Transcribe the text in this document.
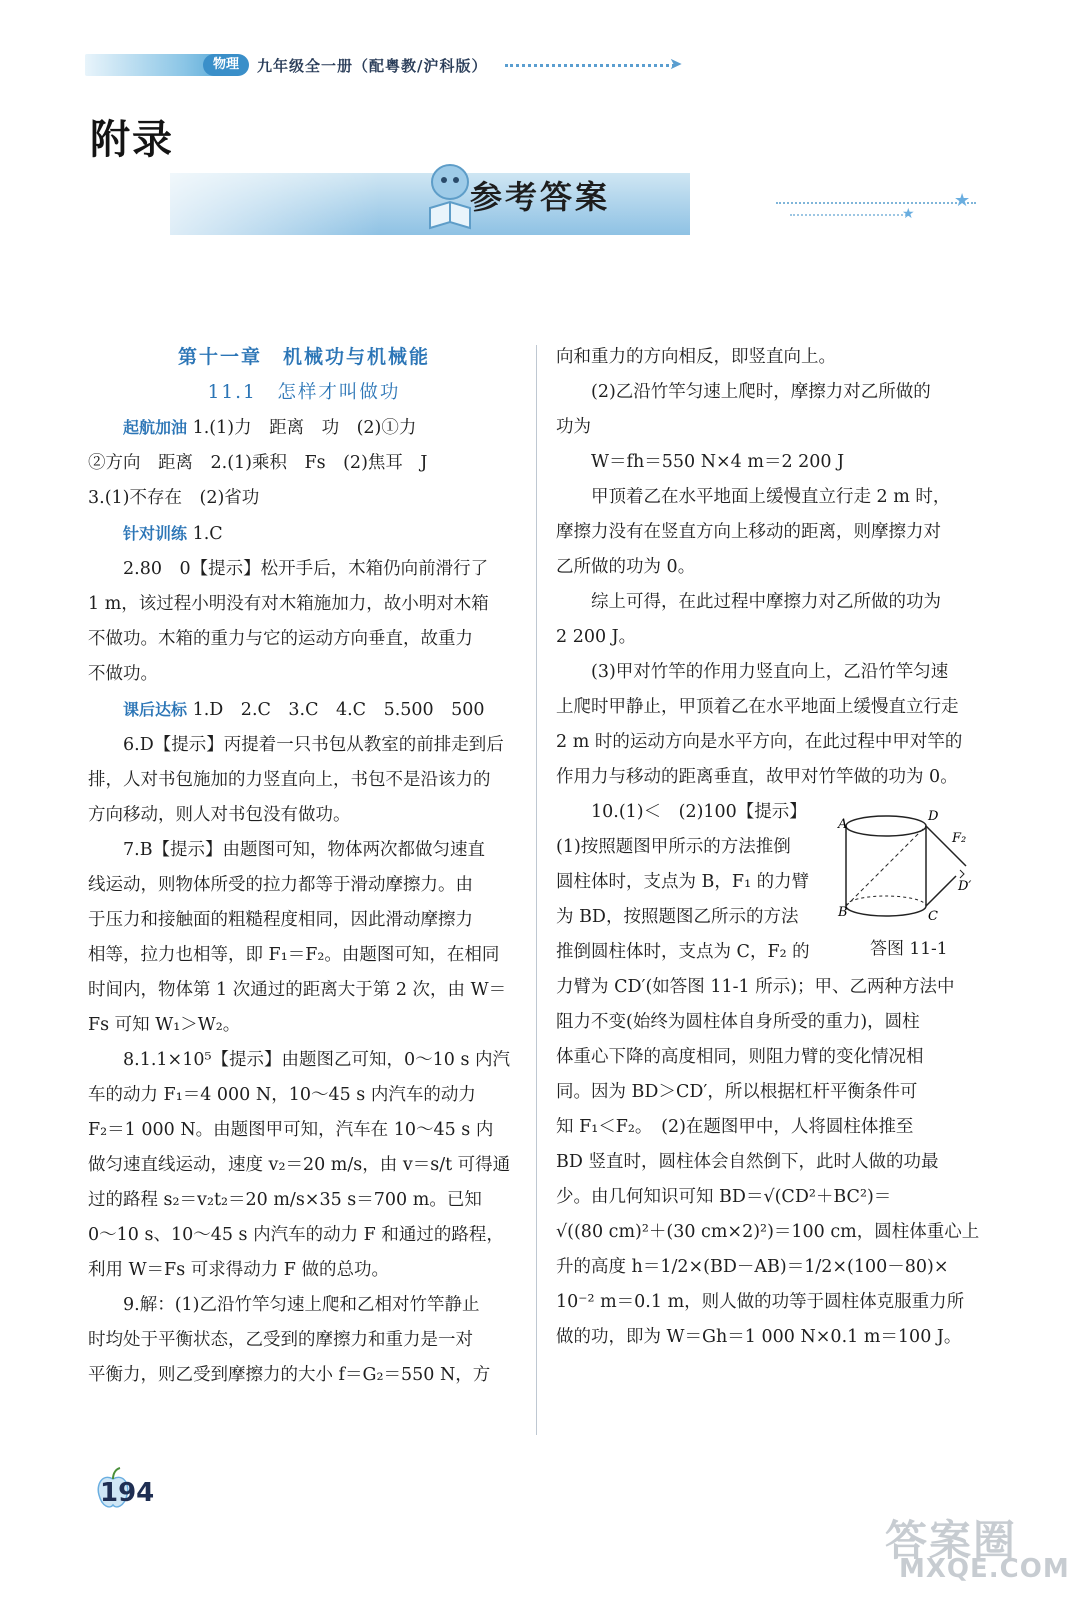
物理	九年级全一册（配粤教/沪科版）	➤
附录
参考答案	★
★

第十一章　机械功与机械能

11.1　怎样才叫做功

起航加油 1.(1)力　距离　功　(2)①力

②方向　距离　2.(1)乘积　Fs　(2)焦耳　J

3.(1)不存在　(2)省功

针对训练 1.C

2.80　0【提示】松开手后，木箱仍向前滑行了

1 m，该过程小明没有对木箱施加力，故小明对木箱

不做功。木箱的重力与它的运动方向垂直，故重力

不做功。

课后达标 1.D　2.C　3.C　4.C　5.500　500

6.D【提示】丙提着一只书包从教室的前排走到后

排，人对书包施加的力竖直向上，书包不是沿该力的

方向移动，则人对书包没有做功。

7.B【提示】由题图可知，物体两次都做匀速直

线运动，则物体所受的拉力都等于滑动摩擦力。由

于压力和接触面的粗糙程度相同，因此滑动摩擦力

相等，拉力也相等，即 F₁＝F₂。由题图可知，在相同

时间内，物体第 1 次通过的距离大于第 2 次，由 W＝

Fs 可知 W₁＞W₂。

8.1.1×10⁵【提示】由题图乙可知，0～10 s 内汽

车的动力 F₁＝4 000 N，10～45 s 内汽车的动力

F₂＝1 000 N。由题图甲可知，汽车在 10～45 s 内

做匀速直线运动，速度 v₂＝20 m/s，由 v＝s/t 可得通

过的路程 s₂＝v₂t₂＝20 m/s×35 s＝700 m。已知

0～10 s、10～45 s 内汽车的动力 F 和通过的路程，

利用 W＝Fs 可求得动力 F 做的总功。

9.解：(1)乙沿竹竿匀速上爬和乙相对竹竿静止

时均处于平衡状态，乙受到的摩擦力和重力是一对

平衡力，则乙受到摩擦力的大小 f＝G₂＝550 N，方

向和重力的方向相反，即竖直向上。

(2)乙沿竹竿匀速上爬时，摩擦力对乙所做的

功为

W＝fh＝550 N×4 m＝2 200 J

甲顶着乙在水平地面上缓慢直立行走 2 m 时，

摩擦力没有在竖直方向上移动的距离，则摩擦力对

乙所做的功为 0。

综上可得，在此过程中摩擦力对乙所做的功为

2 200 J。

(3)甲对竹竿的作用力竖直向上，乙沿竹竿匀速

上爬时甲静止，甲顶着乙在水平地面上缓慢直立行走

2 m 时的运动方向是水平方向，在此过程中甲对竿的

作用力与移动的距离垂直，故甲对竹竿做的功为 0。

10.(1)＜　(2)100【提示】

(1)按照题图甲所示的方法推倒

圆柱体时，支点为 B，F₁ 的力臂

为 BD，按照题图乙所示的方法

推倒圆柱体时，支点为 C，F₂ 的

力臂为 CD′(如答图 11-1 所示)；甲、乙两种方法中

阻力不变(始终为圆柱体自身所受的重力)，圆柱

体重心下降的高度相同，则阻力臂的变化情况相

同。因为 BD＞CD′，所以根据杠杆平衡条件可

知 F₁＜F₂。　(2)在题图甲中，人将圆柱体推至

BD 竖直时，圆柱体会自然倒下，此时人做的功最

少。由几何知识可知 BD＝√(CD²＋BC²)＝

√((80 cm)²＋(30 cm×2)²)＝100 cm，圆柱体重心上

升的高度 h＝1/2×(BD－AB)＝1/2×(100－80)×

10⁻² m＝0.1 m，则人做的功等于圆柱体克服重力所

做的功，即为 W＝Gh＝1 000 N×0.1 m＝100 J。

A
D
F₂
D′
B	C
答图 11-1
194
答案圈
MXQE.COM
